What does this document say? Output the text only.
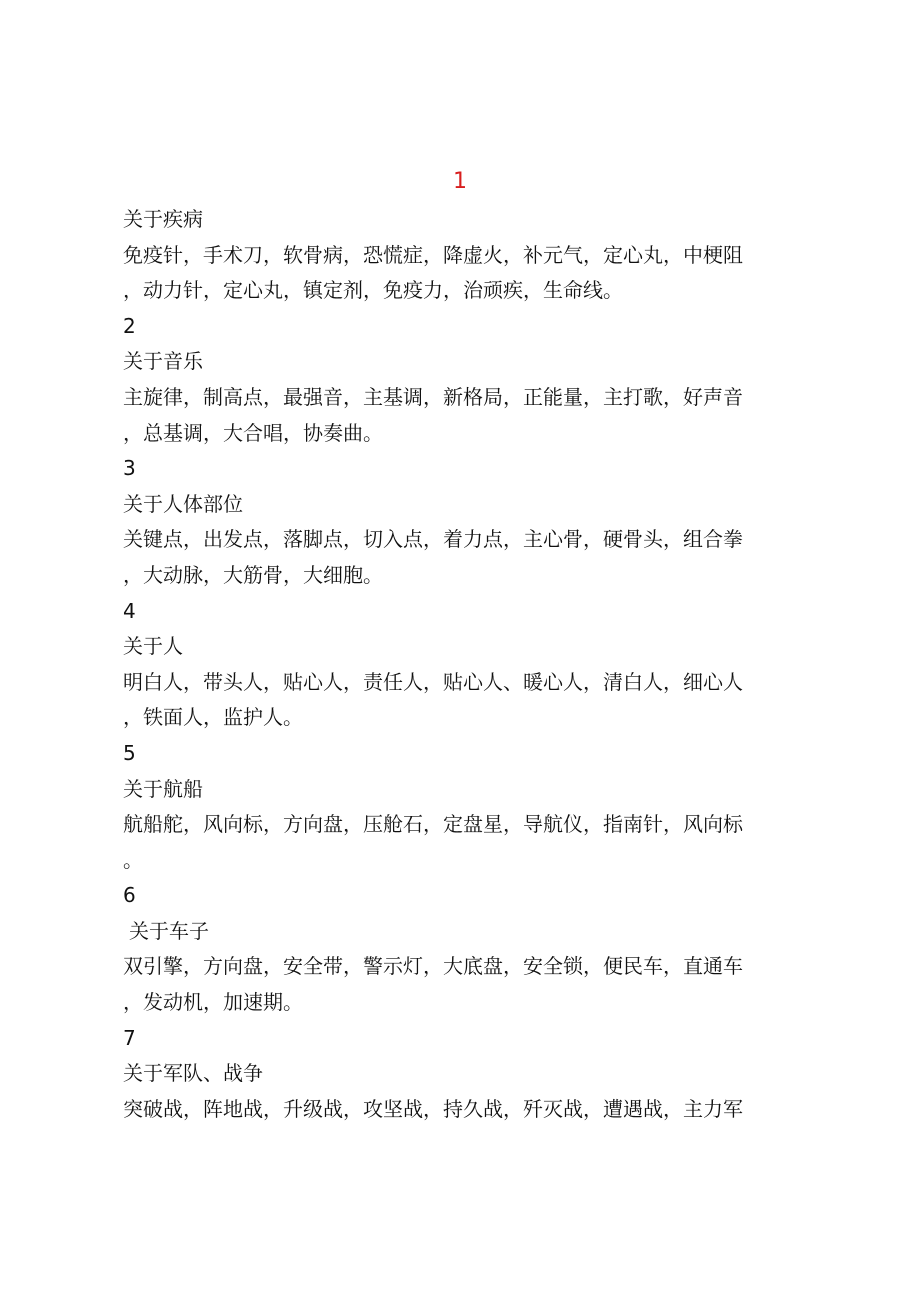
1
关于疾病
免疫针，手术刀，软骨病，恐慌症，降虚火，补元气，定心丸，中梗阻
，动力针，定心丸，镇定剂，免疫力，治顽疾，生命线。
2
关于音乐
主旋律，制高点，最强音，主基调，新格局，正能量，主打歌，好声音
，总基调，大合唱，协奏曲。
3
关于人体部位
关键点，出发点，落脚点，切入点，着力点，主心骨，硬骨头，组合拳
，大动脉，大筋骨，大细胞。
4
关于人
明白人，带头人，贴心人，责任人，贴心人、暖心人，清白人，细心人
，铁面人，监护人。
5
关于航船
航船舵，风向标，方向盘，压舱石，定盘星，导航仪，指南针，风向标
。
6
关于车子
双引擎，方向盘，安全带，警示灯，大底盘，安全锁，便民车，直通车
，发动机，加速期。
7
关于军队、战争
突破战，阵地战，升级战，攻坚战，持久战，歼灭战，遭遇战，主力军
